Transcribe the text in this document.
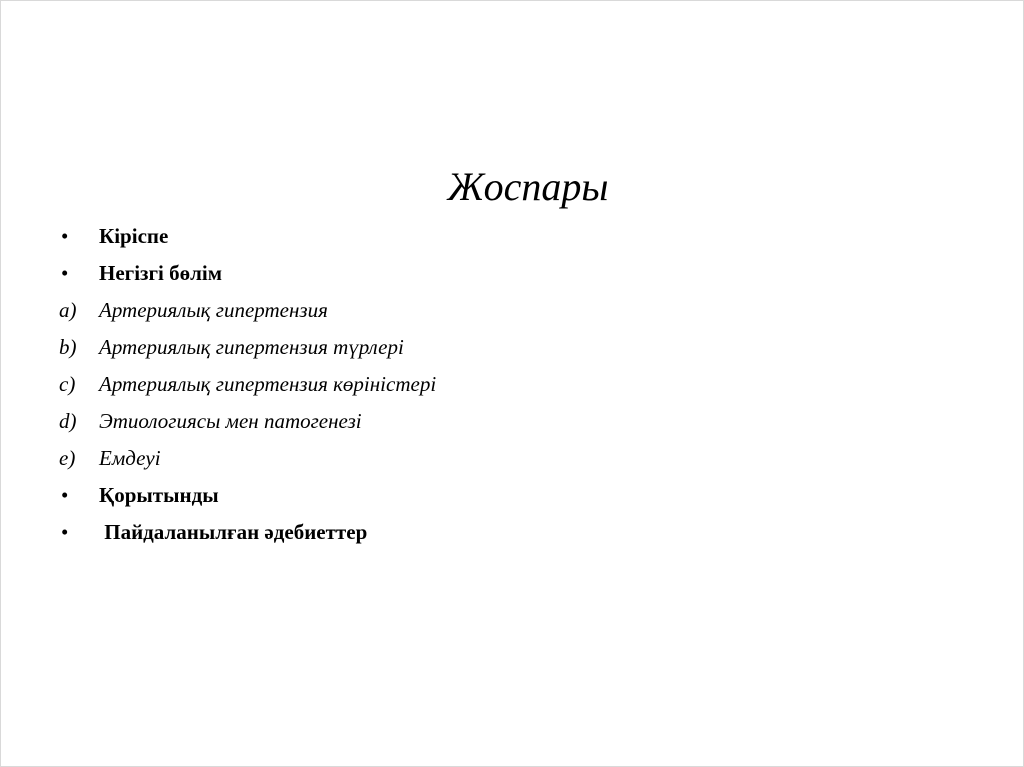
Жоспары
•	Кіріспе
•	Негізгі бөлім
a)	Артериялық гипертензия
b)	Артериялық гипертензия түрлері
c)	Артериялық гипертензия көріністері
d)	Этиологиясы мен патогенезі
e)	Емдеуі
•	Қорытынды
•	Пайдаланылған әдебиеттер
